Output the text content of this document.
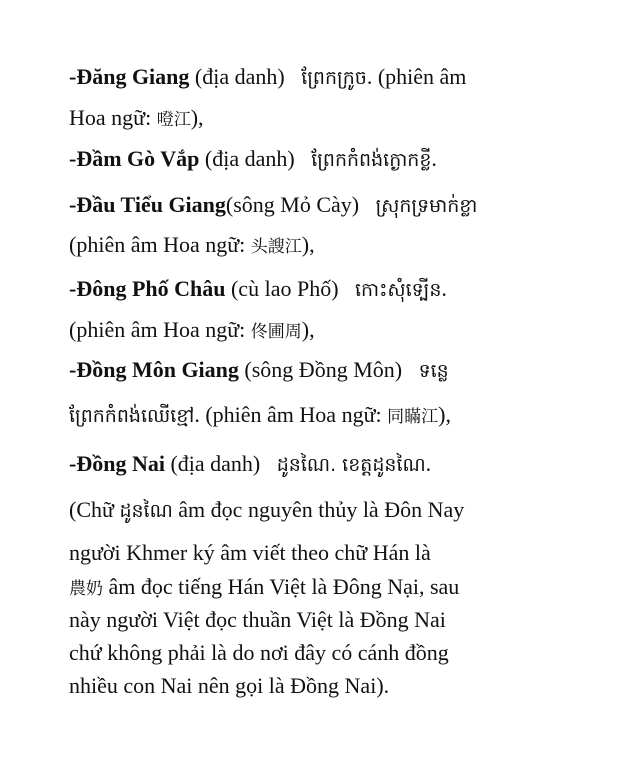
-Đăng Giang (địa danh) ព្រែកក្រូច. (phiên âm
Hoa ngữ: 噔江),
-Đầm Gò Vắp (địa danh) ព្រែកកំពង់ក្ងោកខ្លី.
-Đầu Tiểu Giang(sông Mỏ Cày) ស្រុកទ្រមាក់ខ្លា
(phiên âm Hoa ngữ: 头謏江),
-Đông Phố Châu (cù lao Phố) កោះសុំទ្បើន.
(phiên âm Hoa ngữ: 佟圃周),
-Đồng Môn Giang (sông Đồng Môn) ទន្លេ
ព្រែកកំពង់ឈើខ្មៅ. (phiên âm Hoa ngữ: 同瞞江),
-Đồng Nai (địa danh) ដូនណៃ. ខេត្តដូនណៃ.
(Chữ ដូនណៃ âm đọc nguyên thủy là Đôn Nay
người Khmer ký âm viết theo chữ Hán là
農奶 âm đọc tiếng Hán Việt là Đông Nại, sau
này người Việt đọc thuần Việt là Đồng Nai
chứ không phải là do nơi đây có cánh đồng
nhiều con Nai nên gọi là Đồng Nai).
